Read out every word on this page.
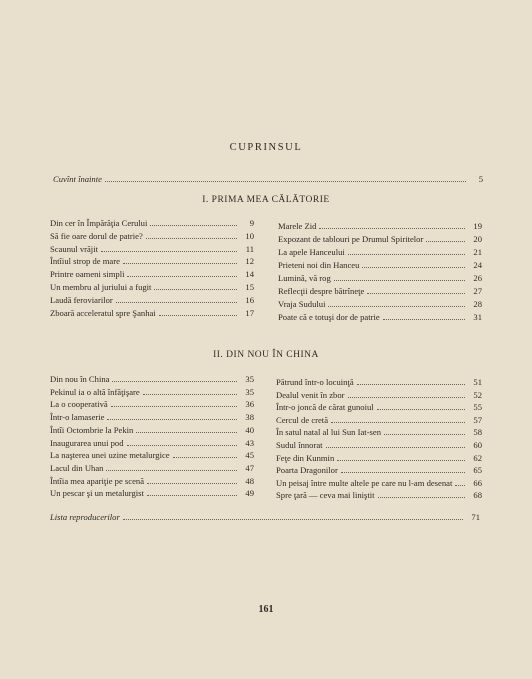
CUPRINSUL
Cuvînt înainte	5
I. PRIMA MEA CĂLĂTORIE
Din cer în Împărăţia Cerului	9
Să fie oare dorul de patrie?	10
Scaunul vrăjit	11
Întîiul strop de mare	12
Printre oameni simpli	14
Un membru al juriului a fugit	15
Laudă feroviarilor	16
Zboară acceleratul spre Şanhai	17
Marele Zid	19
Expozant de tablouri pe Drumul Spiritelor	20
La apele Hanceului	21
Prieteni noi din Hanceu	24
Lumină, vă rog	26
Reflecţii despre bătrîneţe	27
Vraja Sudului	28
Poate că e totuşi dor de patrie	31
II. DIN NOU ÎN CHINA
Din nou în China	35
Pekinul ia o altă înfăţişare	35
La o cooperativă	36
Într-o lamaserie	38
Întîi Octombrie la Pekin	40
Inaugurarea unui pod	43
La naşterea unei uzine metalurgice	45
Lacul din Uhan	47
Întîia mea apariţie pe scenă	48
Un pescar şi un metalurgist	49
Pătrund într-o locuinţă	51
Dealul venit în zbor	52
Într-o joncă de cărat gunoiul	55
Cercul de cretă	57
În satul natal al lui Sun Iat-sen	58
Sudul înnorat	60
Feţe din Kunmin	62
Poarta Dragonilor	65
Un peisaj între multe altele pe care nu l-am desenat	66
Spre ţară — ceva mai liniştit	68
Lista reproducerilor	71
161
